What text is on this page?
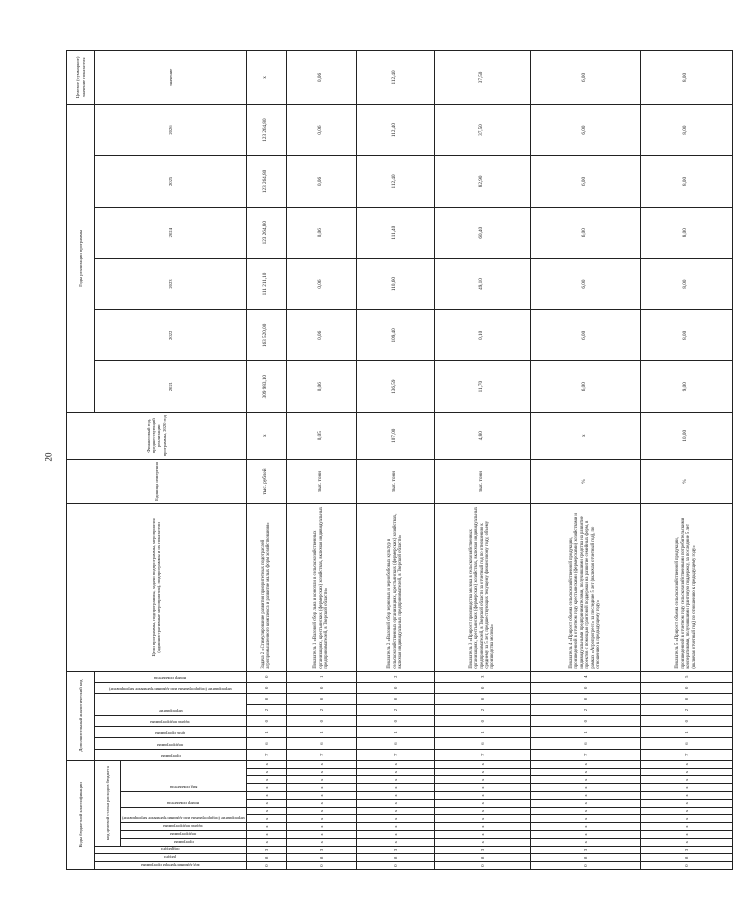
20
Коды бюджетной классификации														Дополнительный аналитический код								Цели программы, подпрограммы, задачи подпрограммы, мероприятия (административные мероприятия), подпрограммы и их показатели	Единица измерения	Финансовый год, предшествующий реализации программы, 2020 год	Годы реализации программы						Целевое (суммарное) значение показателя

код администратора программы	раздел	подраздел	код целевой статьи расходов бюджета											программа	подпрограмма	цель программы	задача подпрограммы	мероприятие		мероприятие (подпрограммы или административное мероприятие)	номер показателя				2021	2022	2023	2024	2025	2026	значение

			программа	подпрограмма	задача подпрограммы	мероприятие (подпрограммы или административное мероприятие)		номер показателя		вид показателя																					

0	8	3	х	х	х	х	х	х	х	х	х	х	х	7	6	1	0	2	0	0	0	Задача 2 «Стимулирование развития приоритетных подотраслей агропромышленного комплекса и развитие малых форм хозяйствования»	тыс. рублей	х	309 983,10	163 520,00	111 211,10	123 264,80	123 264,80	123 264,80	х
0	8	3	х	х	х	х	х	х	х	х	х	х	х	7	6	1	0	2	0	0	1	Показатель 1 «Валовой сбор льна и конопли в сельскохозяйственных организациях, крестьянских (фермерских) хозяйствах, включая индивидуальных предпринимателей, в Тверской области»	тыс. тонн	0,05	0,06	0,06	0,06	0,06	0,06	0,06	0,06
0	8	3	х	х	х	х	х	х	х	х	х	х	х	7	6	1	0	2	0	0	2	Показатель 2 «Валовой сбор зерновых и зернобобовых культур в сельскохозяйственных организациях, крестьянских (фермерских) хозяйствах, включая индивидуальных предпринимателей, в Тверской области»	тыс. тонн	107,00	136,59	109,40	110,60	111,40	112,40	112,40	112,40
0	8	3	х	х	х	х	х	х	х	х	х	х	х	7	6	1	0	2	0	0	3	Показатель 3 «Прирост производства молока в сельскохозяйственных организациях, крестьянских (фермерских) хозяйствах, включая индивидуальных предпринимателей, в Тверской области за отчетный год по отношению к среднему за 5 лет, предшествующих текущему финансовому году, объему производства молока»	тыс. тонн	4,80	11,70	0,10	49,10	60,40	82,90	37,50	37,50
0	8	3	х	х	х	х	х	х	х	х	х	х	х	7	6	1	0	2	0	0	4	Показатель 4 «Прирост объема сельскохозяйственной продукции, произведенной в отчетном году крестьянскими (фермерскими) хозяйствами и индивидуальными предпринимателями, получившими средства на развитие проектов с помощью грантовой поддержки на развитие семейных ферм, в рамках «Агропрогресс» за последние 5 лет (включая отчетный год), по отношению к предыдущему году»	%	х	6,00	6,00	6,00	6,00	6,00	6,00	6,00
0	8	3	х	х	х	х	х	х	х	х	х	х	х	7	6	1	0	2	0	0	5	Показатель 5 «Прирост объема сельскохозяйственной продукции, произведенной в отчетном году сельскохозяйственными потребительскими кооперативами, получившими грантовую поддержку, за последние 5 лет (включая отчетный год) по отношению к предыдущему году»	%	10,00	9,00	8,00	8,00	8,00	8,00	8,00	8,00
